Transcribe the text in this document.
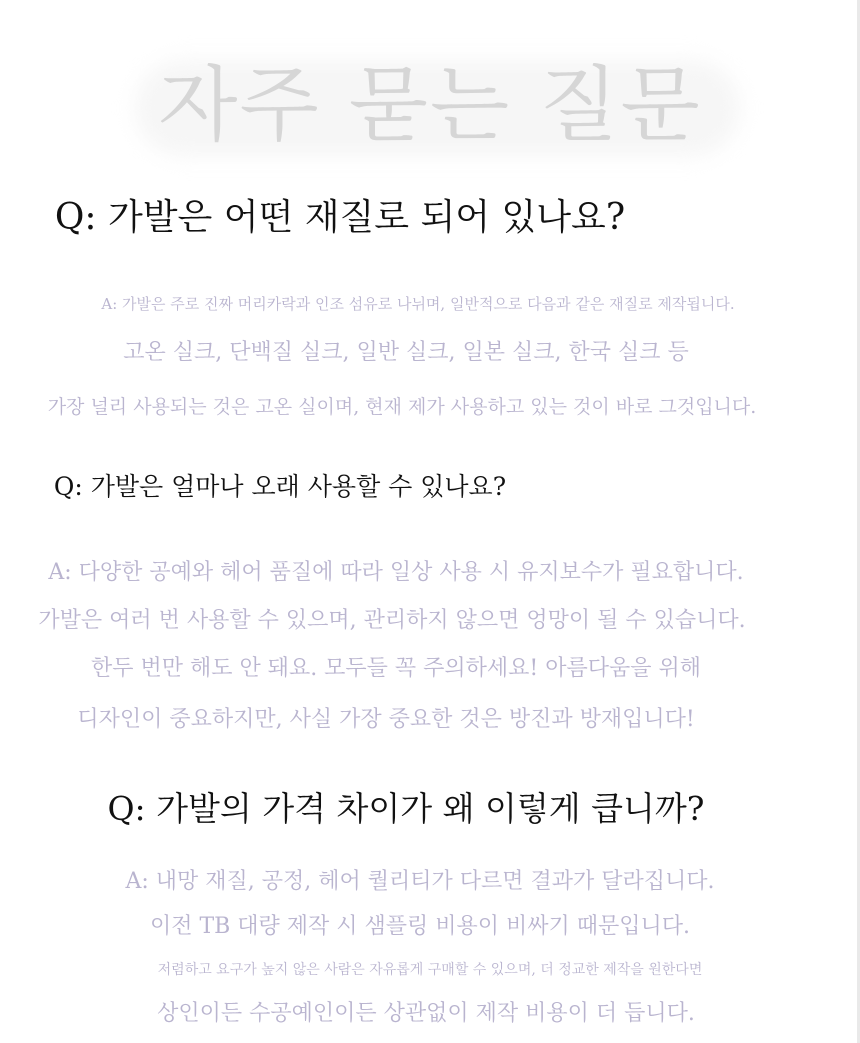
자주 묻는 질문
Q: 가발은 어떤 재질로 되어 있나요?
A: 가발은 주로 진짜 머리카락과 인조 섬유로 나뉘며, 일반적으로 다음과 같은 재질로 제작됩니다.
고온 실크, 단백질 실크, 일반 실크, 일본 실크, 한국 실크 등
가장 널리 사용되는 것은 고온 실이며, 현재 제가 사용하고 있는 것이 바로 그것입니다.
Q: 가발은 얼마나 오래 사용할 수 있나요?
A: 다양한 공예와 헤어 품질에 따라 일상 사용 시 유지보수가 필요합니다.
가발은 여러 번 사용할 수 있으며, 관리하지 않으면 엉망이 될 수 있습니다.
한두 번만 해도 안 돼요. 모두들 꼭 주의하세요! 아름다움을 위해
디자인이 중요하지만, 사실 가장 중요한 것은 방진과 방재입니다!
Q: 가발의 가격 차이가 왜 이렇게 큽니까?
A: 내망 재질, 공정, 헤어 퀄리티가 다르면 결과가 달라집니다.
이전 TB 대량 제작 시 샘플링 비용이 비싸기 때문입니다.
저렴하고 요구가 높지 않은 사람은 자유롭게 구매할 수 있으며, 더 정교한 제작을 원한다면
상인이든 수공예인이든 상관없이 제작 비용이 더 듭니다.
